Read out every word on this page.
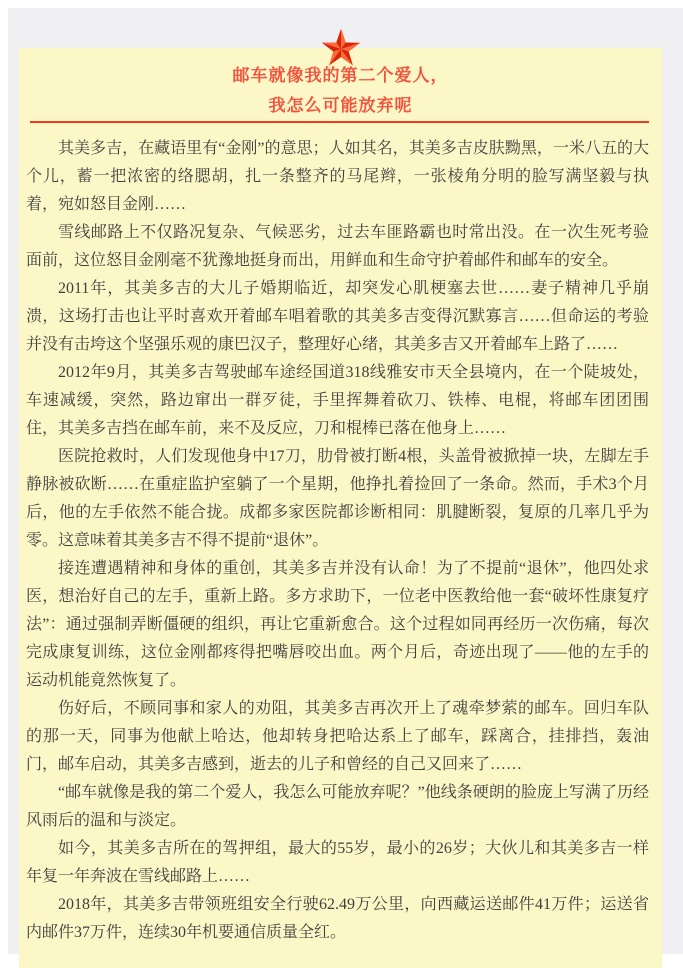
邮车就像我的第二个爱人，
我怎么可能放弃呢

其美多吉，在藏语里有“金刚”的意思；人如其名，其美多吉皮肤黝黑，一米八五的大个儿，蓄一把浓密的络腮胡，扎一条整齐的马尾辫，一张棱角分明的脸写满坚毅与执着，宛如怒目金刚……

雪线邮路上不仅路况复杂、气候恶劣，过去车匪路霸也时常出没。在一次生死考验面前，这位怒目金刚毫不犹豫地挺身而出，用鲜血和生命守护着邮件和邮车的安全。

2011年，其美多吉的大儿子婚期临近，却突发心肌梗塞去世……妻子精神几乎崩溃，这场打击也让平时喜欢开着邮车唱着歌的其美多吉变得沉默寡言……但命运的考验并没有击垮这个坚强乐观的康巴汉子，整理好心绪，其美多吉又开着邮车上路了……

2012年9月，其美多吉驾驶邮车途经国道318线雅安市天全县境内，在一个陡坡处，车速减缓，突然，路边窜出一群歹徒，手里挥舞着砍刀、铁棒、电棍，将邮车团团围住，其美多吉挡在邮车前，来不及反应，刀和棍棒已落在他身上……

医院抢救时，人们发现他身中17刀，肋骨被打断4根，头盖骨被掀掉一块，左脚左手静脉被砍断……在重症监护室躺了一个星期，他挣扎着捡回了一条命。然而，手术3个月后，他的左手依然不能合拢。成都多家医院都诊断相同：肌腱断裂，复原的几率几乎为零。这意味着其美多吉不得不提前“退休”。

接连遭遇精神和身体的重创，其美多吉并没有认命！为了不提前“退休”，他四处求医，想治好自己的左手，重新上路。多方求助下，一位老中医教给他一套“破坏性康复疗法”：通过强制弄断僵硬的组织，再让它重新愈合。这个过程如同再经历一次伤痛，每次完成康复训练，这位金刚都疼得把嘴唇咬出血。两个月后，奇迹出现了——他的左手的运动机能竟然恢复了。

伤好后，不顾同事和家人的劝阻，其美多吉再次开上了魂牵梦萦的邮车。回归车队的那一天，同事为他献上哈达，他却转身把哈达系上了邮车，踩离合，挂排挡，轰油门，邮车启动，其美多吉感到，逝去的儿子和曾经的自己又回来了……

“邮车就像是我的第二个爱人，我怎么可能放弃呢？”他线条硬朗的脸庞上写满了历经风雨后的温和与淡定。

如今，其美多吉所在的驾押组，最大的55岁，最小的26岁；大伙儿和其美多吉一样年复一年奔波在雪线邮路上……

2018年，其美多吉带领班组安全行驶62.49万公里，向西藏运送邮件41万件；运送省内邮件37万件，连续30年机要通信质量全红。
